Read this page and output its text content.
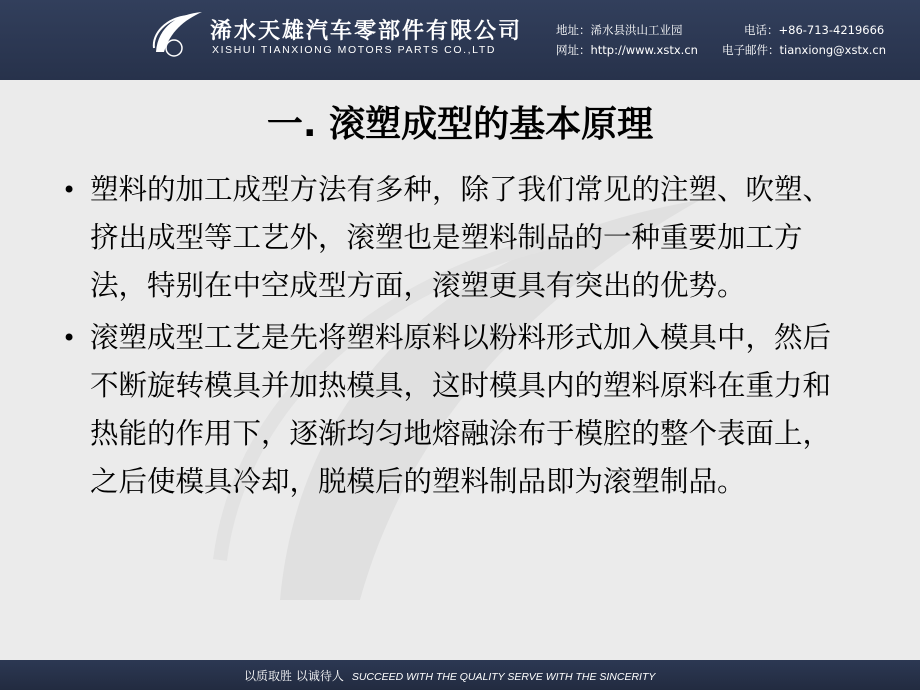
浠水天雄汽车零部件有限公司
XISHUI TIANXIONG MOTORS PARTS CO.,LTD
地址：浠水县洪山工业园	电话：+86-713-4219666
网址：http://www.xstx.cn 电子邮件：tianxiong@xstx.cn
一. 滚塑成型的基本原理
• 塑料的加工成型方法有多种，除了我们常见的注塑、吹塑、挤出成型等工艺外，滚塑也是塑料制品的一种重要加工方法，特别在中空成型方面，滚塑更具有突出的优势。
• 滚塑成型工艺是先将塑料原料以粉料形式加入模具中，然后不断旋转模具并加热模具，这时模具内的塑料原料在重力和热能的作用下，逐渐均匀地熔融涂布于模腔的整个表面上，之后使模具冷却，脱模后的塑料制品即为滚塑制品。
以质取胜 以诚待人 SUCCEED WITH THE QUALITY SERVE WITH THE SINCERITY
